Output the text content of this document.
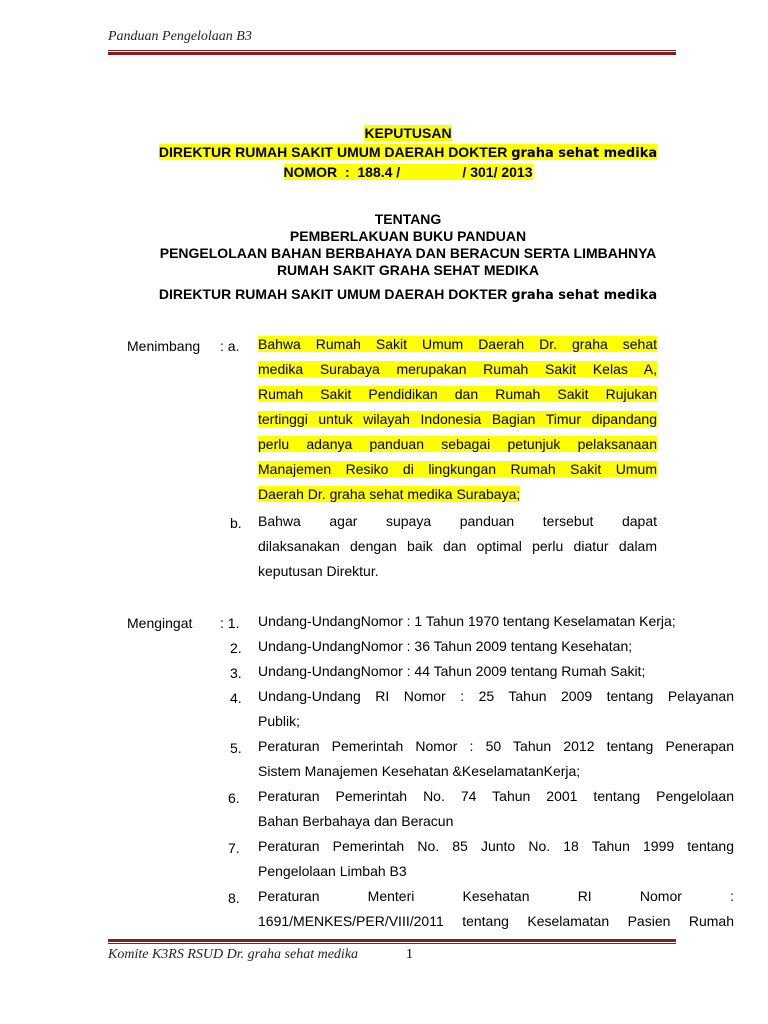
Panduan Pengelolaan B3
KEPUTUSAN
DIREKTUR RUMAH SAKIT UMUM DAERAH DOKTER graha sehat medika
NOMOR  :  188.4 /                / 301/ 2013
TENTANG
PEMBERLAKUAN BUKU PANDUAN
PENGELOLAAN BAHAN BERBAHAYA DAN BERACUN SERTA LIMBAHNYA
RUMAH SAKIT GRAHA SEHAT MEDIKA
DIREKTUR RUMAH SAKIT UMUM DAERAH DOKTER graha sehat medika
Menimbang : a. Bahwa Rumah Sakit Umum Daerah Dr. graha sehat
medika Surabaya merupakan Rumah Sakit Kelas A,
Rumah Sakit Pendidikan dan Rumah Sakit Rujukan
tertinggi untuk wilayah Indonesia Bagian Timur dipandang
perlu adanya panduan sebagai petunjuk pelaksanaan
Manajemen Resiko di lingkungan Rumah Sakit Umum
Daerah Dr. graha sehat medika Surabaya;
b. Bahwa agar supaya panduan tersebut dapat
dilaksanakan dengan baik dan optimal perlu diatur dalam
keputusan Direktur.
Mengingat : 1. Undang-UndangNomor : 1 Tahun 1970 tentang Keselamatan Kerja;
2. Undang-UndangNomor : 36 Tahun 2009 tentang Kesehatan;
3. Undang-UndangNomor : 44 Tahun 2009 tentang Rumah Sakit;
4. Undang-Undang RI Nomor : 25 Tahun 2009 tentang Pelayanan
Publik;
5. Peraturan Pemerintah Nomor : 50 Tahun 2012 tentang Penerapan
Sistem Manajemen Kesehatan &KeselamatanKerja;
6. Peraturan Pemerintah No. 74 Tahun 2001 tentang Pengelolaan
Bahan Berbahaya dan Beracun
7. Peraturan Pemerintah No. 85 Junto No. 18 Tahun 1999 tentang
Pengelolaan Limbah B3
8. Peraturan Menteri Kesehatan RI Nomor :
1691/MENKES/PER/VIII/2011 tentang Keselamatan Pasien Rumah
Komite K3RS RSUD Dr. graha sehat medika	1
